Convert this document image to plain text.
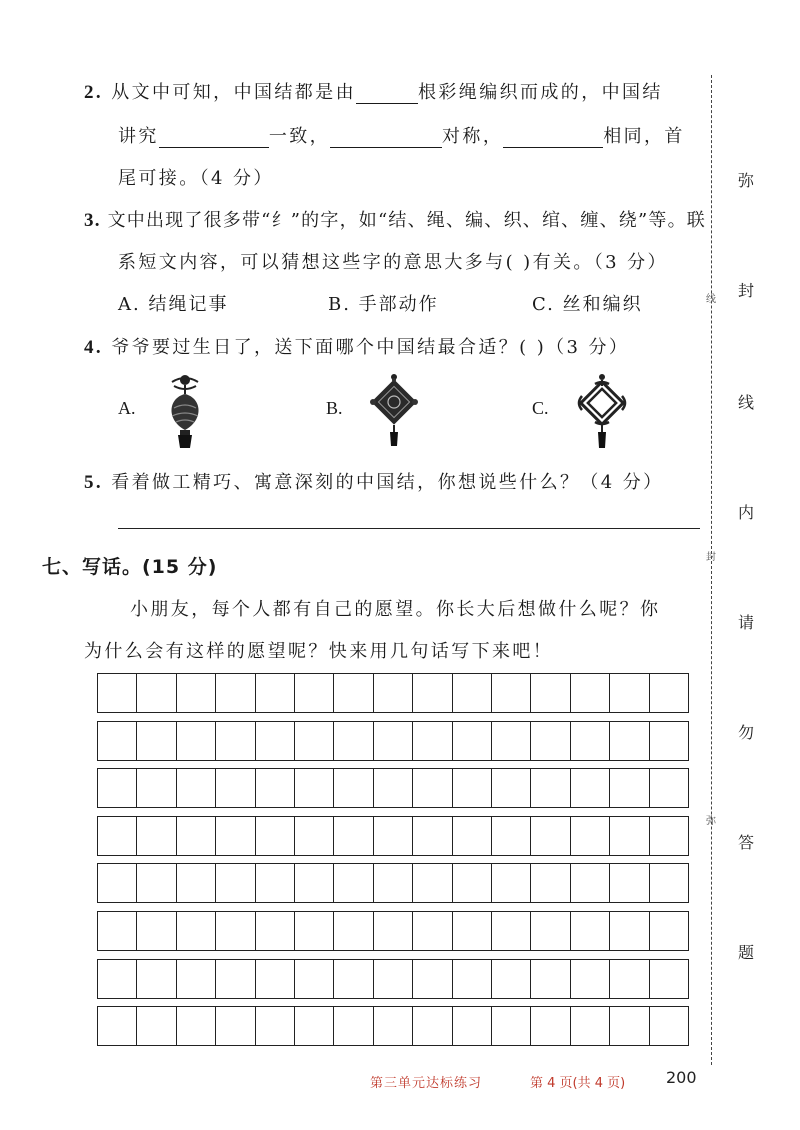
2. 从文中可知，中国结都是由	根彩绳编织而成的，中国结
讲究	一致，	对称，	相同，首
尾可接。（4 分）
3. 文中出现了很多带“纟”的字，如“结、绳、编、织、绾、缠、绕”等。联
系短文内容，可以猜想这些字的意思大多与( )有关。（3 分）
A. 结绳记事	B. 手部动作	C. 丝和编织
4. 爷爷要过生日了，送下面哪个中国结最合适？( )（3 分）
A.	B.	C.
5. 看着做工精巧、寓意深刻的中国结，你想说些什么？（4 分）
七、写话。(15 分)
小朋友，每个人都有自己的愿望。你长大后想做什么呢？你
为什么会有这样的愿望呢？快来用几句话写下来吧！
弥
封
线
内
请
勿
答
题
线
封
弥
第三单元达标练习	第 4 页(共 4 页)	200
